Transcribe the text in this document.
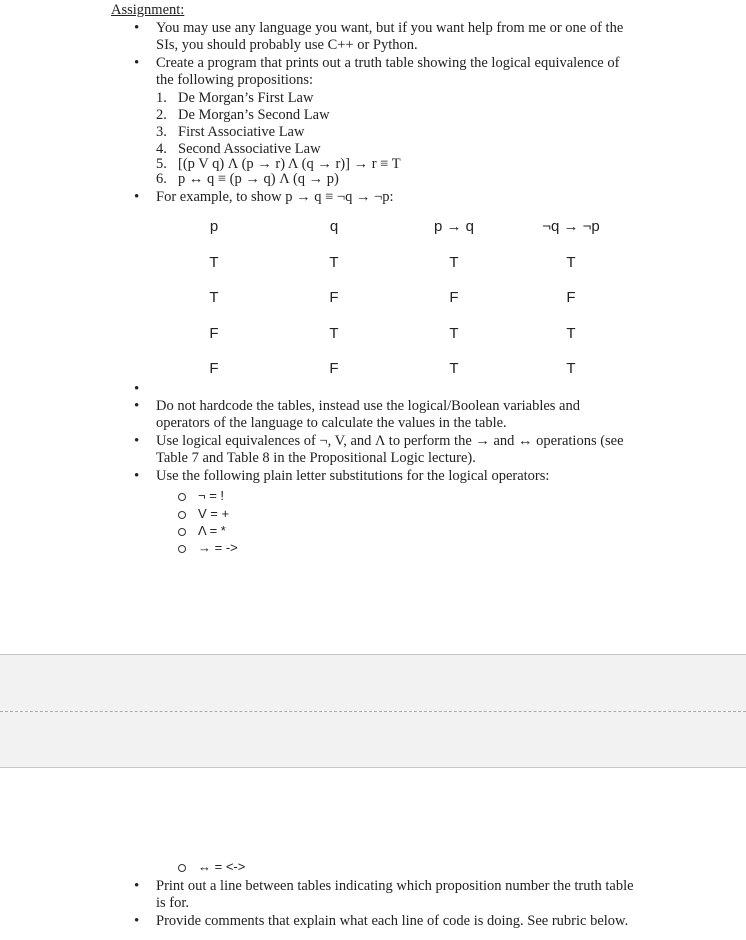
Assignment:
• You may use any language you want, but if you want help from me or one of the
SIs, you should probably use C++ or Python.
• Create a program that prints out a truth table showing the logical equivalence of
the following propositions:
1. De Morgan’s First Law
2. De Morgan’s Second Law
3. First Associative Law
4. Second Associative Law
5. [(p V q) Λ (p → r) Λ (q → r)] → r ≡ T
6. p ↔ q ≡ (p → q) Λ (q → p)
• For example, to show p → q ≡ ¬q → ¬p:
p	q	p → q	¬q → ¬p
T	T	T	T
T	F	F	F
F	T	T	T
F	F	T	T
•
• Do not hardcode the tables, instead use the logical/Boolean variables and
operators of the language to calculate the values in the table.
• Use logical equivalences of ¬, V, and Λ to perform the → and ↔ operations (see
Table 7 and Table 8 in the Propositional Logic lecture).
• Use the following plain letter substitutions for the logical operators:
¬ = !
V = +
Λ = *
→ = ->
↔ = <->
• Print out a line between tables indicating which proposition number the truth table
is for.
• Provide comments that explain what each line of code is doing. See rubric below.
